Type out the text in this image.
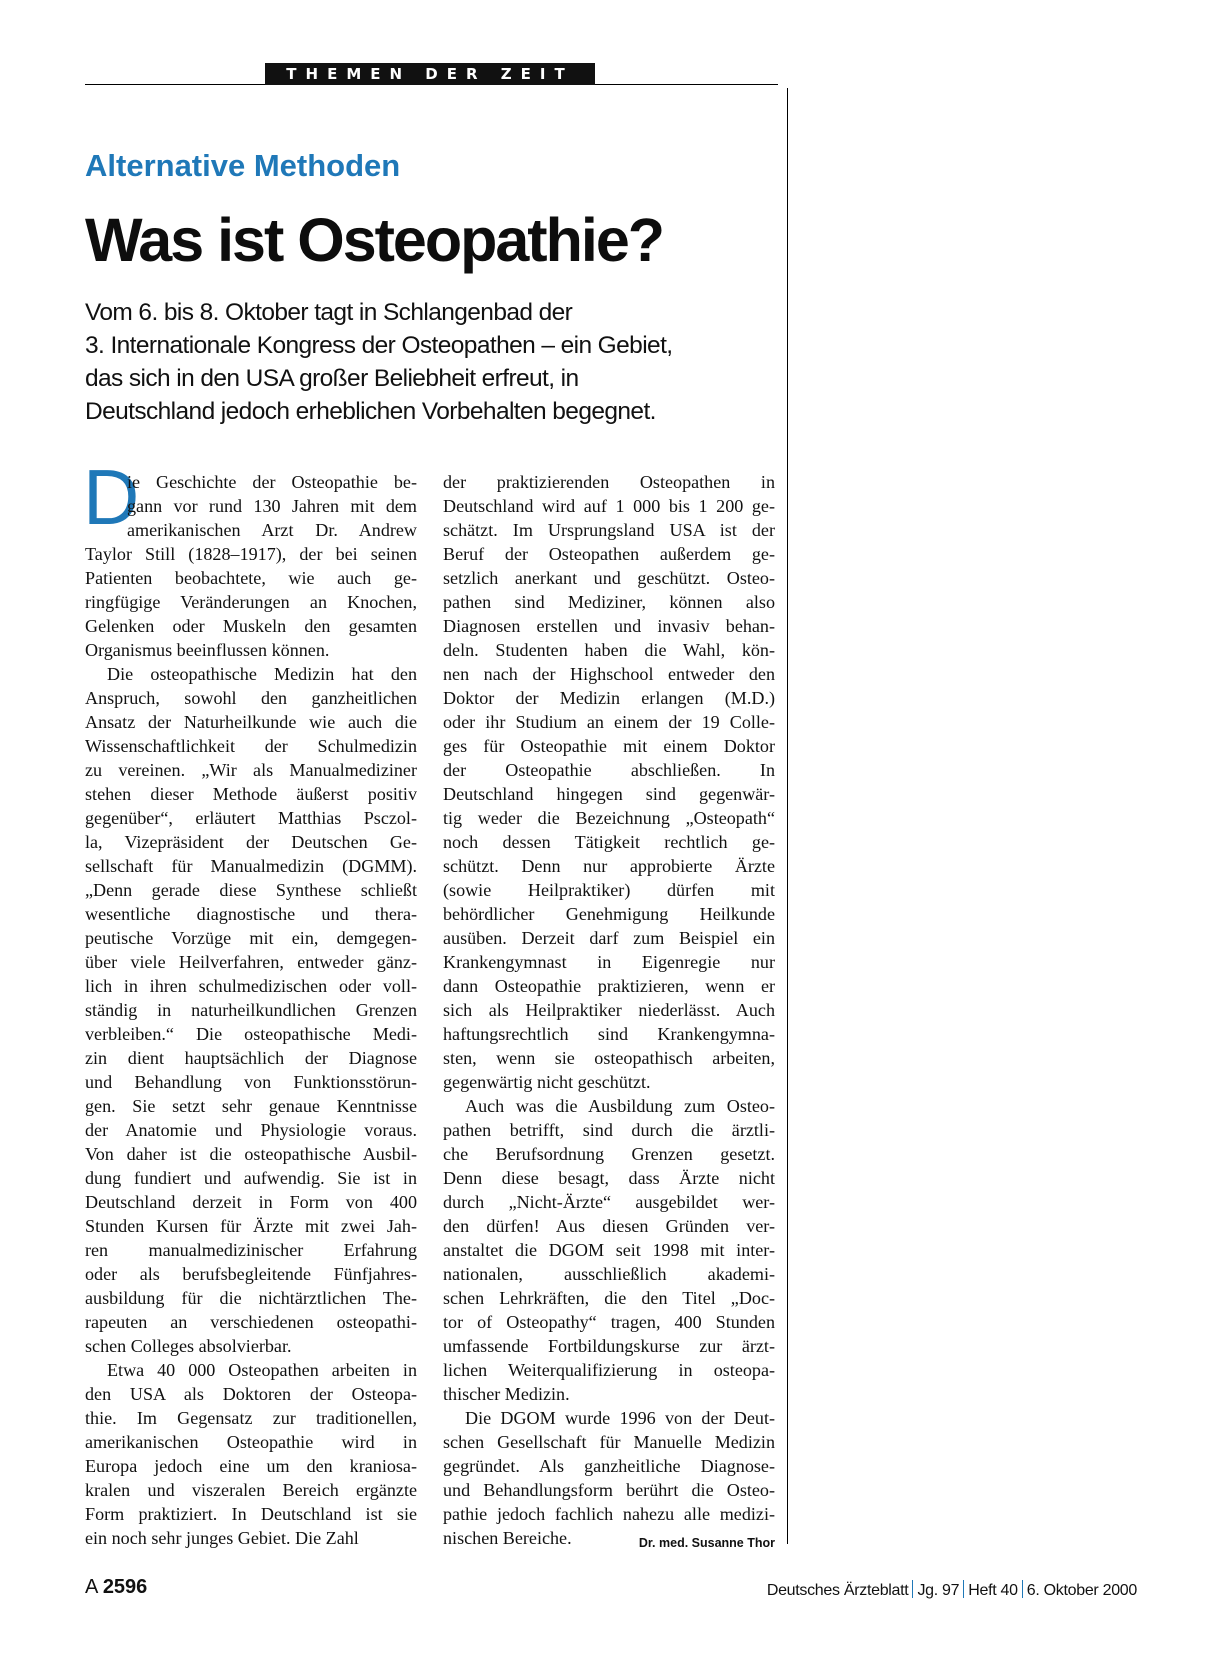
THEMEN DER ZEIT
Alternative Methoden
Was ist Osteopathie?
Vom 6. bis 8. Oktober tagt in Schlangenbad der
3. Internationale Kongress der Osteopathen – ein Gebiet,
das sich in den USA großer Beliebheit erfreut, in
Deutschland jedoch erheblichen Vorbehalten begegnet.
D
ie Geschichte der Osteopathie be-
gann vor rund 130 Jahren mit dem
amerikanischen Arzt Dr. Andrew
Taylor Still (1828–1917), der bei seinen
Patienten beobachtete, wie auch ge-
ringfügige Veränderungen an Knochen,
Gelenken oder Muskeln den gesamten
Organismus beeinflussen können.
Die osteopathische Medizin hat den
Anspruch, sowohl den ganzheitlichen
Ansatz der Naturheilkunde wie auch die
Wissenschaftlichkeit der Schulmedizin
zu vereinen. „Wir als Manualmediziner
stehen dieser Methode äußerst positiv
gegenüber“, erläutert Matthias Psczol-
la, Vizepräsident der Deutschen Ge-
sellschaft für Manualmedizin (DGMM).
„Denn gerade diese Synthese schließt
wesentliche diagnostische und thera-
peutische Vorzüge mit ein, demgegen-
über viele Heilverfahren, entweder gänz-
lich in ihren schulmedizischen oder voll-
ständig in naturheilkundlichen Grenzen
verbleiben.“ Die osteopathische Medi-
zin dient hauptsächlich der Diagnose
und Behandlung von Funktionsstörun-
gen. Sie setzt sehr genaue Kenntnisse
der Anatomie und Physiologie voraus.
Von daher ist die osteopathische Ausbil-
dung fundiert und aufwendig. Sie ist in
Deutschland derzeit in Form von 400
Stunden Kursen für Ärzte mit zwei Jah-
ren manualmedizinischer Erfahrung
oder als berufsbegleitende Fünfjahres-
ausbildung für die nichtärztlichen The-
rapeuten an verschiedenen osteopathi-
schen Colleges absolvierbar.
Etwa 40 000 Osteopathen arbeiten in
den USA als Doktoren der Osteopa-
thie. Im Gegensatz zur traditionellen,
amerikanischen Osteopathie wird in
Europa jedoch eine um den kraniosa-
kralen und viszeralen Bereich ergänzte
Form praktiziert. In Deutschland ist sie
ein noch sehr junges Gebiet. Die Zahl
der praktizierenden Osteopathen in
Deutschland wird auf 1 000 bis 1 200 ge-
schätzt. Im Ursprungsland USA ist der
Beruf der Osteopathen außerdem ge-
setzlich anerkant und geschützt. Osteo-
pathen sind Mediziner, können also
Diagnosen erstellen und invasiv behan-
deln. Studenten haben die Wahl, kön-
nen nach der Highschool entweder den
Doktor der Medizin erlangen (M.D.)
oder ihr Studium an einem der 19 Colle-
ges für Osteopathie mit einem Doktor
der Osteopathie abschließen. In
Deutschland hingegen sind gegenwär-
tig weder die Bezeichnung „Osteopath“
noch dessen Tätigkeit rechtlich ge-
schützt. Denn nur approbierte Ärzte
(sowie Heilpraktiker) dürfen mit
behördlicher Genehmigung Heilkunde
ausüben. Derzeit darf zum Beispiel ein
Krankengymnast in Eigenregie nur
dann Osteopathie praktizieren, wenn er
sich als Heilpraktiker niederlässt. Auch
haftungsrechtlich sind Krankengymna-
sten, wenn sie osteopathisch arbeiten,
gegenwärtig nicht geschützt.
Auch was die Ausbildung zum Osteo-
pathen betrifft, sind durch die ärztli-
che Berufsordnung Grenzen gesetzt.
Denn diese besagt, dass Ärzte nicht
durch „Nicht-Ärzte“ ausgebildet wer-
den dürfen! Aus diesen Gründen ver-
anstaltet die DGOM seit 1998 mit inter-
nationalen, ausschließlich akademi-
schen Lehrkräften, die den Titel „Doc-
tor of Osteopathy“ tragen, 400 Stunden
umfassende Fortbildungskurse zur ärzt-
lichen Weiterqualifizierung in osteopa-
thischer Medizin.
Die DGOM wurde 1996 von der Deut-
schen Gesellschaft für Manuelle Medizin
gegründet. Als ganzheitliche Diagnose-
und Behandlungsform berührt die Osteo-
pathie jedoch fachlich nahezu alle medizi-
nischen Bereiche.	Dr. med. Susanne Thor
A 2596	Deutsches Ärzteblatt Jg. 97 Heft 40 6. Oktober 2000
